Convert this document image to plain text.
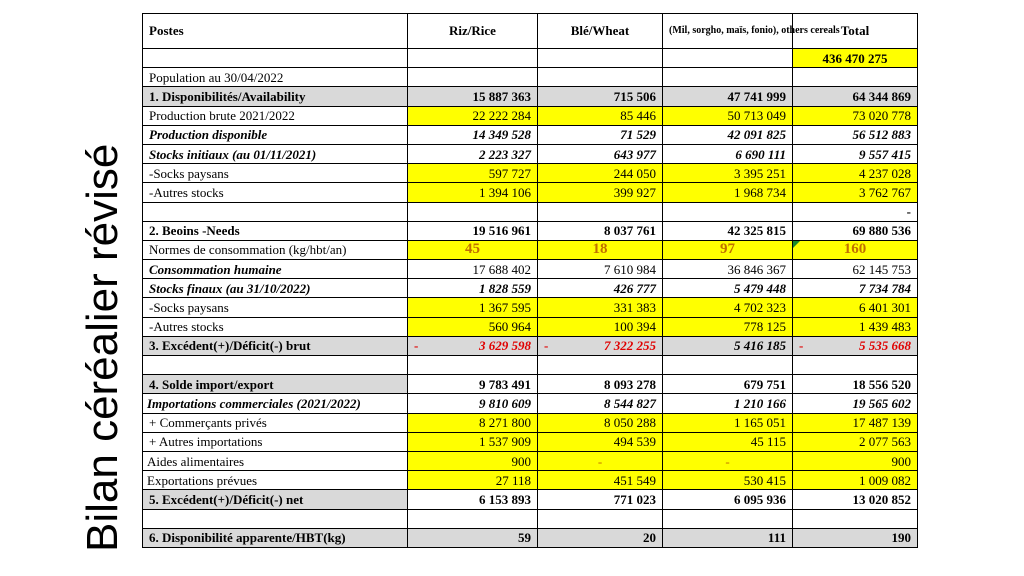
Bilan céréalier révisé
Postes	Riz/Rice	Blé/Wheat	(Mil, sorgho, maïs, fonio), others cereals	Total
				436 470 275
Population au 30/04/2022				
1. Disponibilités/Availability	15 887 363	715 506	47 741 999	64 344 869
Production brute 2021/2022	22 222 284	85 446	50 713 049	73 020 778
Production disponible	14 349 528	71 529	42 091 825	56 512 883
Stocks initiaux (au 01/11/2021)	2 223 327	643 977	6 690 111	9 557 415
-Socks paysans	597 727	244 050	3 395 251	4 237 028
-Autres stocks	1 394 106	399 927	1 968 734	3 762 767
				-
2. Beoins -Needs	19 516 961	8 037 761	42 325 815	69 880 536
Normes de consommation (kg/hbt/an)	45	18	97	160
Consommation humaine	17 688 402	7 610 984	36 846 367	62 145 753
Stocks finaux (au 31/10/2022)	1 828 559	426 777	5 479 448	7 734 784
-Socks paysans	1 367 595	331 383	4 702 323	6 401 301
-Autres stocks	560 964	100 394	778 125	1 439 483
3. Excédent(+)/Déficit(-) brut	- 3 629 598	- 7 322 255	5 416 185	- 5 535 668

4. Solde import/export	9 783 491	8 093 278	679 751	18 556 520
Importations commerciales (2021/2022)	9 810 609	8 544 827	1 210 166	19 565 602
+ Commerçants privés	8 271 800	8 050 288	1 165 051	17 487 139
+ Autres importations	1 537 909	494 539	45 115	2 077 563
Aides alimentaires	900	-	-	900
Exportations prévues	27 118	451 549	530 415	1 009 082
5. Excédent(+)/Déficit(-) net	6 153 893	771 023	6 095 936	13 020 852

6. Disponibilité apparente/HBT(kg)	59	20	111	190
